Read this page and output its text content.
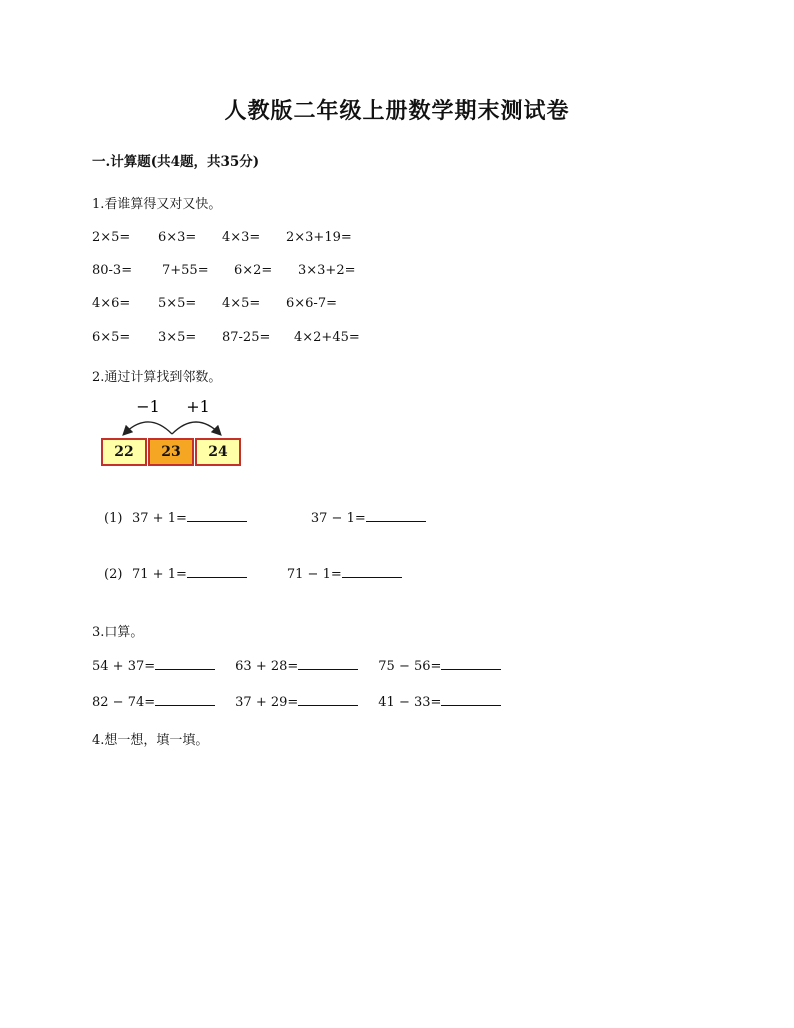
人教版二年级上册数学期末测试卷
一.计算题(共4题，共35分)
1.看谁算得又对又快。
2×5= 6×3= 4×3= 2×3+19=
80-3= 7+55= 6×2= 3×3+2=
4×6= 5×5= 4×5= 6×6-7=
6×5= 3×5= 87-25= 4×2+45=
2.通过计算找到邻数。
−1 +1
22	23	24
(1) 37 + 1=	37 − 1=
(2) 71 + 1=	71 − 1=
3.口算。
54 + 37=	63 + 28=	75 − 56=
82 − 74=	37 + 29=	41 − 33=
4.想一想，填一填。
